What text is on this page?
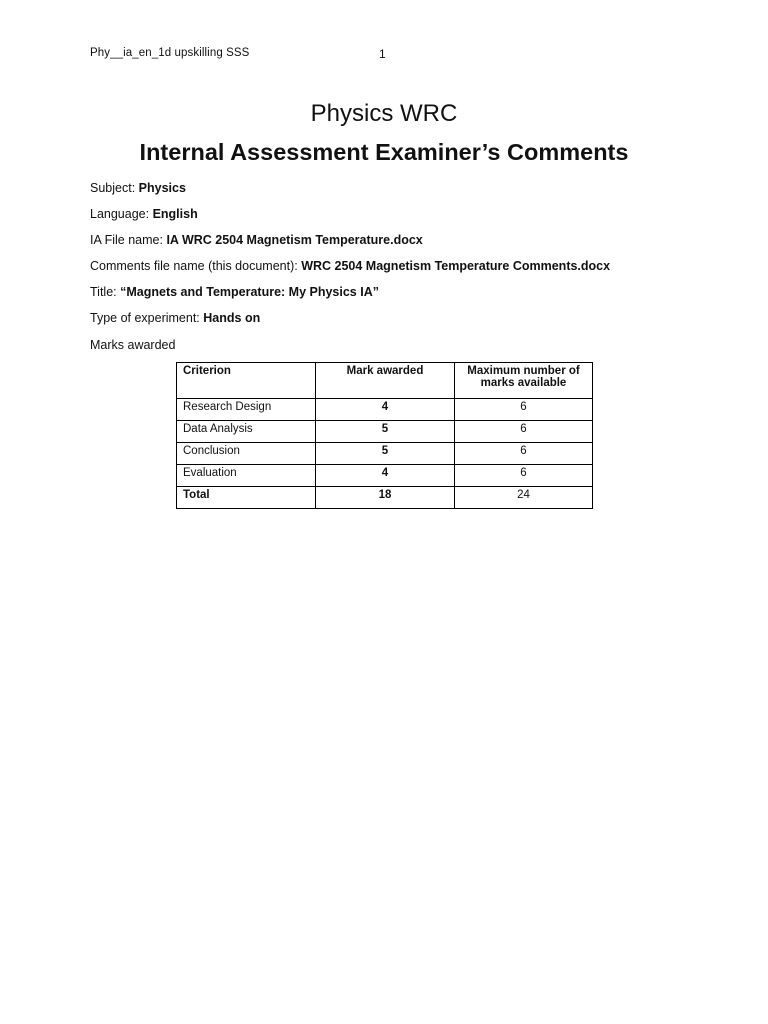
Phy__ia_en_1d upskilling SSS	1
Physics WRC
Internal Assessment Examiner’s Comments
Subject: Physics
Language: English
IA File name: IA WRC 2504 Magnetism Temperature.docx
Comments file name (this document): WRC 2504 Magnetism Temperature Comments.docx
Title: “Magnets and Temperature: My Physics IA”
Type of experiment: Hands on
Marks awarded
Criterion	Mark awarded	Maximum number of marks available
Research Design	4	6
Data Analysis	5	6
Conclusion	5	6
Evaluation	4	6
Total	18	24
